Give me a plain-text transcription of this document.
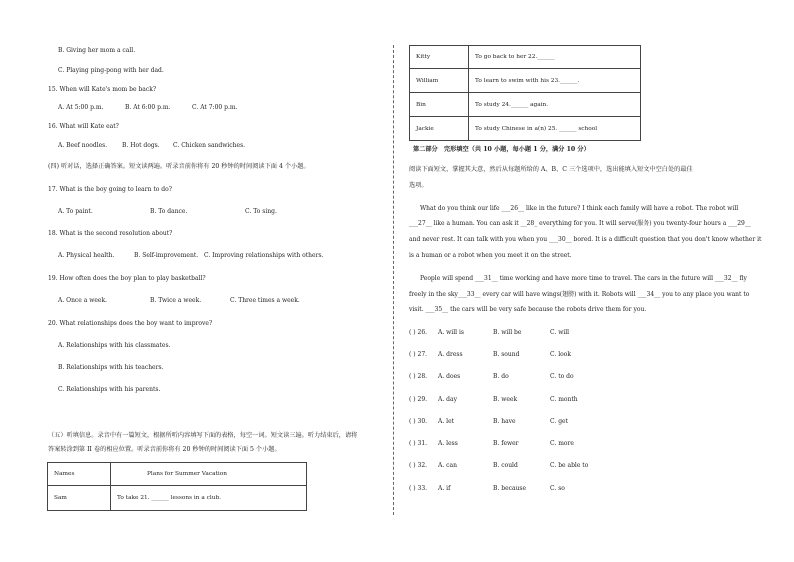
B. Giving her mom a call.
C. Playing ping-pong with her dad.
15. When will Kate's mom be back?
A. At 5:00 p.m.	B. At 6:00 p.m.	C. At 7:00 p.m.
16. What will Kate eat?
A. Beef noodles. B. Hot dogs. C. Chicken sandwiches.
(四) 听对话，选择正确答案。短文读两遍。听录音前你将有 20 秒钟的时间阅读下面 4 个小题。
17. What is the boy going to learn to do?
A. To paint.	B. To dance.	C. To sing.
18. What is the second resolution about?
A. Physical health.	B. Self-improvement. C. Improving relationships with others.
19. How often does the boy plan to play basketball?
A. Once a week.	B. Twice a week.	C. Three times a week.
20. What relationships does the boy want to improve?
A. Relationships with his classmates.
B. Relationships with his teachers.
C. Relationships with his parents.
（五）听填信息。录音中有一篇短文，根据所听内容填写下面的表格，每空一词。短文读三遍。听力结束后，请将
答案转涂到第 II 卷的相应位置。听录音前你将有 20 秒钟的时间阅读下面 5 个小题。
Names	Plans for Summer Vacation
Sam	To take 21. ______ lessons in a club.
Kitty	To go back to her 22.______
William	To learn to swim with his 23.______.
Bin	To study 24.______ again.
Jackie	To study Chinese in a(n) 25. ______ school
第二部分　完形填空（共 10 小题，每小题 1 分，满分 10 分）
阅读下面短文，掌握其大意，然后从每题所给的 A、B、C 三个选项中，选出能填入短文中空白处的最佳
选项。
What do you think our life ___26__ like in the future? I think each family will have a robot. The robot will
___27__ like a human. You can ask it __28_ everything for you. It will serve(服务) you twenty-four hours a ___29__
and never rest. It can talk with you when you ___30__ bored. It is a difficult question that you don't know whether it
is a human or a robot when you meet it on the street.
People will spend ___31__ time working and have more time to travel. The cars in the future will ___32__ fly
freely in the sky___33__ every car will have wings(翅膀) with it. Robots will ___34__ you to any place you want to
visit. ___35__ the cars will be very safe because the robots drive them for you.
( ) 26. A. will is	B. will be	C. will
( ) 27. A. dress	B. sound	C. look
( ) 28. A. does	B. do	C. to do
( ) 29. A. day	B. week	C. month
( ) 30. A. let	B. have	C. get
( ) 31. A. less	B. fewer	C. more
( ) 32. A. can	B. could	C. be able to
( ) 33. A. if	B. because	C. so
